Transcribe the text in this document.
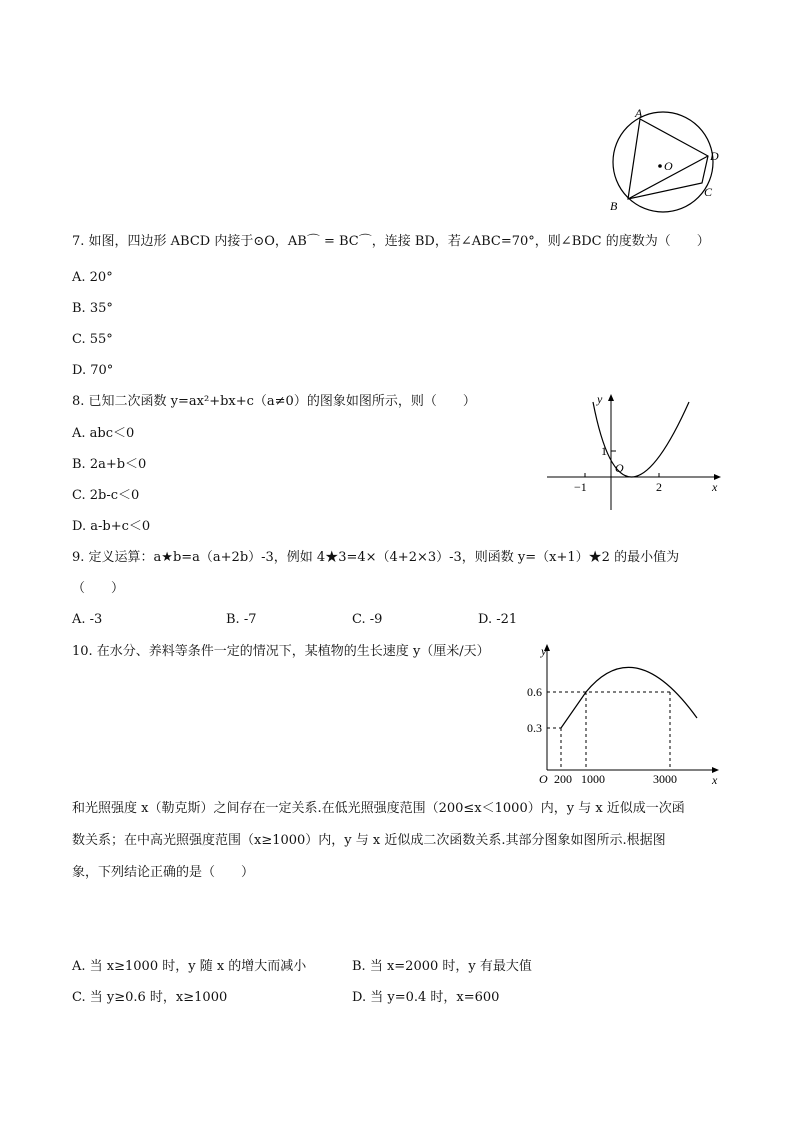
A
D
C
B
O
7. 如图，四边形 ABCD 内接于⊙O，AB⌒ = BC⌒，连接 BD，若∠ABC=70°，则∠BDC 的度数为（　　）
A. 20°
B. 35°
C. 55°
D. 70°
8. 已知二次函数 y=ax²+bx+c（a≠0）的图象如图所示，则（　　）
A. abc＜0
B. 2a+b＜0
C. 2b-c＜0
D. a-b+c＜0
y
x
1
O
−1	2
9. 定义运算：a★b=a（a+2b）-3，例如 4★3=4×（4+2×3）-3，则函数 y=（x+1）★2 的最小值为
（　　）
A. -3	B. -7	C. -9	D. -21
10. 在水分、养料等条件一定的情况下，某植物的生长速度 y（厘米/天）	y
x
O
0.6
0.3
200 1000	3000
和光照强度 x（勒克斯）之间存在一定关系.在低光照强度范围（200≤x＜1000）内，y 与 x 近似成一次函
数关系；在中高光照强度范围（x≥1000）内，y 与 x 近似成二次函数关系.其部分图象如图所示.根据图
象，下列结论正确的是（　　）
A. 当 x≥1000 时，y 随 x 的增大而减小	B. 当 x=2000 时，y 有最大值
C. 当 y≥0.6 时，x≥1000	D. 当 y=0.4 时，x=600
